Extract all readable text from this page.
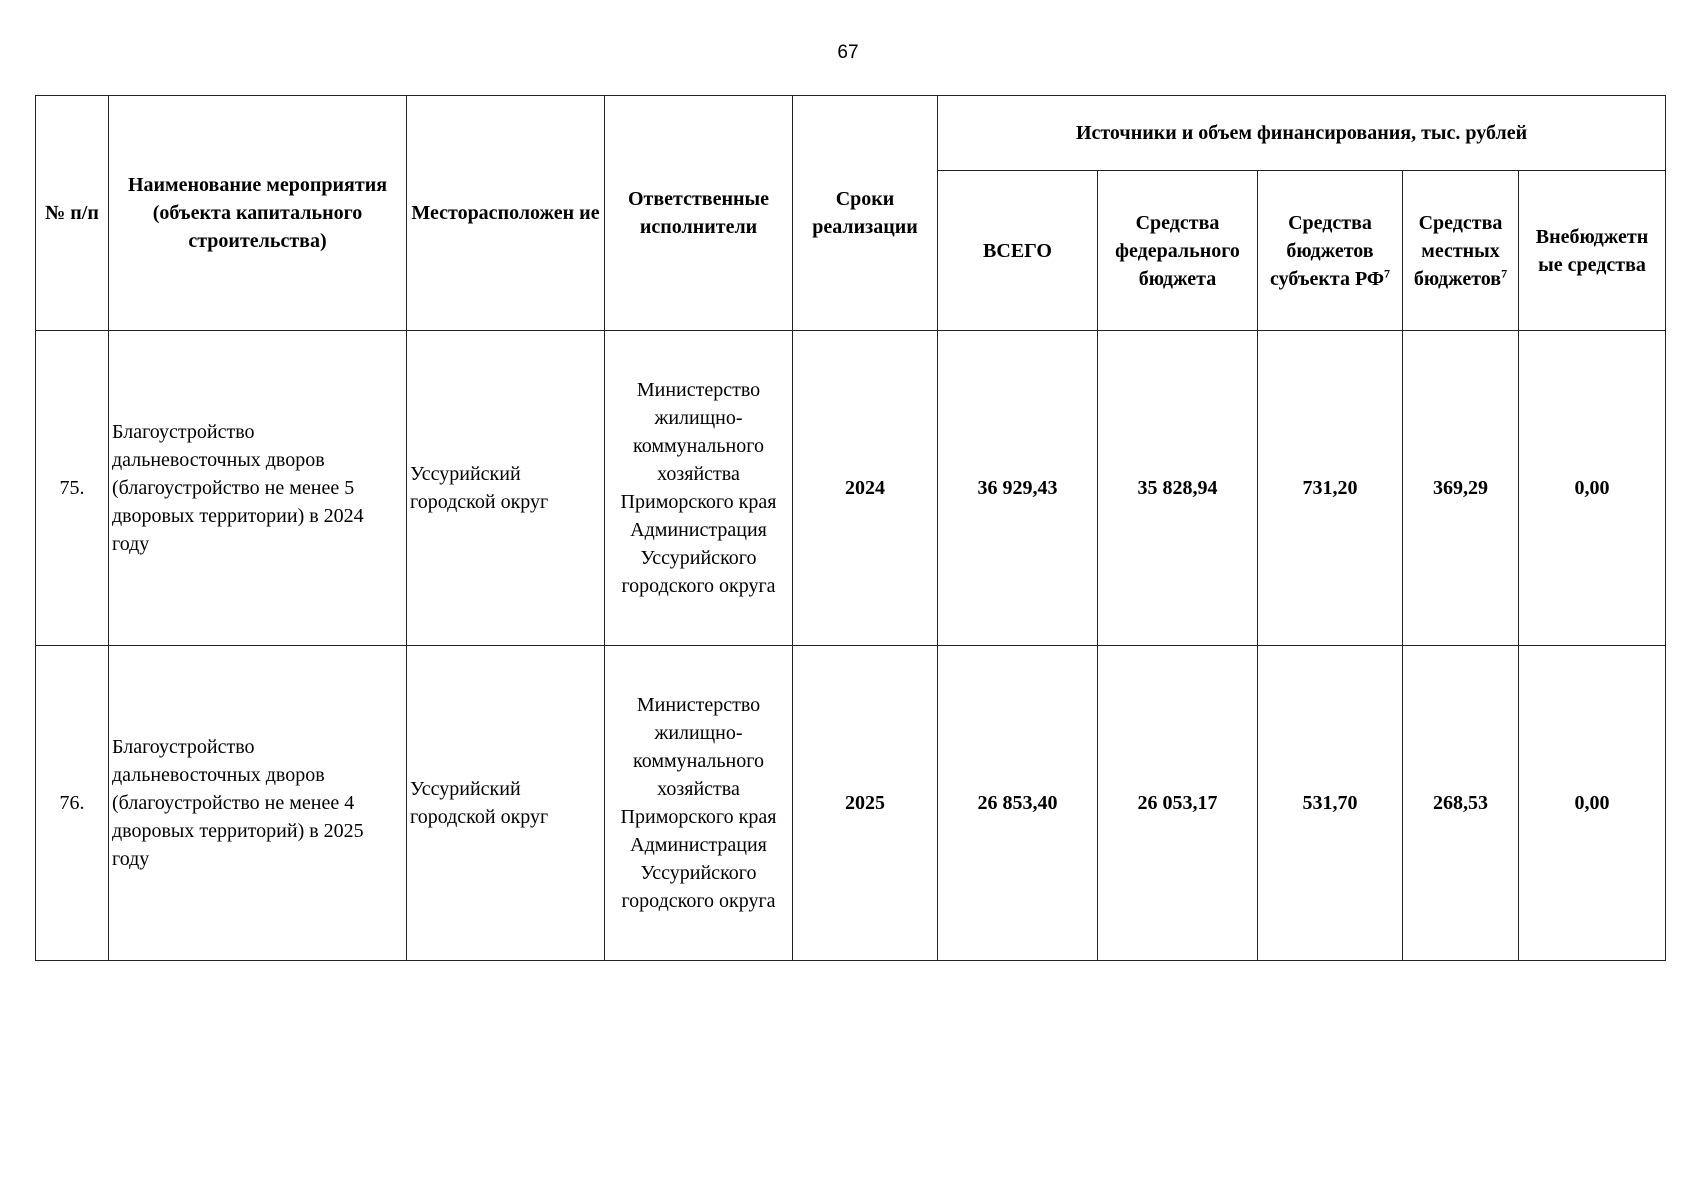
67
№ п/п	Наименование мероприятия (объекта капитального строительства)	Месторасположен ие	Ответственные исполнители	Сроки реализации	Источники и объем финансирования, тыс. рублей				
					ВСЕГО	Средства федерального бюджета	Средства бюджетов субъекта $РФ^7$	Средства местных бюджетов$^7$	Внебюджетн ые средства
75.	Благоустройство дальневосточных дворов (благоустройство не менее 5 дворовых территории) в 2024 году	Уссурийский городской округ	Министерство жилищно-коммунального хозяйства Приморского края Администрация Уссурийского городского округа	2024	36 929,43	35 828,94	731,20	369,29	0,00
76.	Благоустройство дальневосточных дворов (благоустройство не менее 4 дворовых территорий) в 2025 году	Уссурийский городской округ	Министерство жилищно-коммунального хозяйства Приморского края Администрация Уссурийского городского округа	2025	26 853,40	26 053,17	531,70	268,53	0,00
